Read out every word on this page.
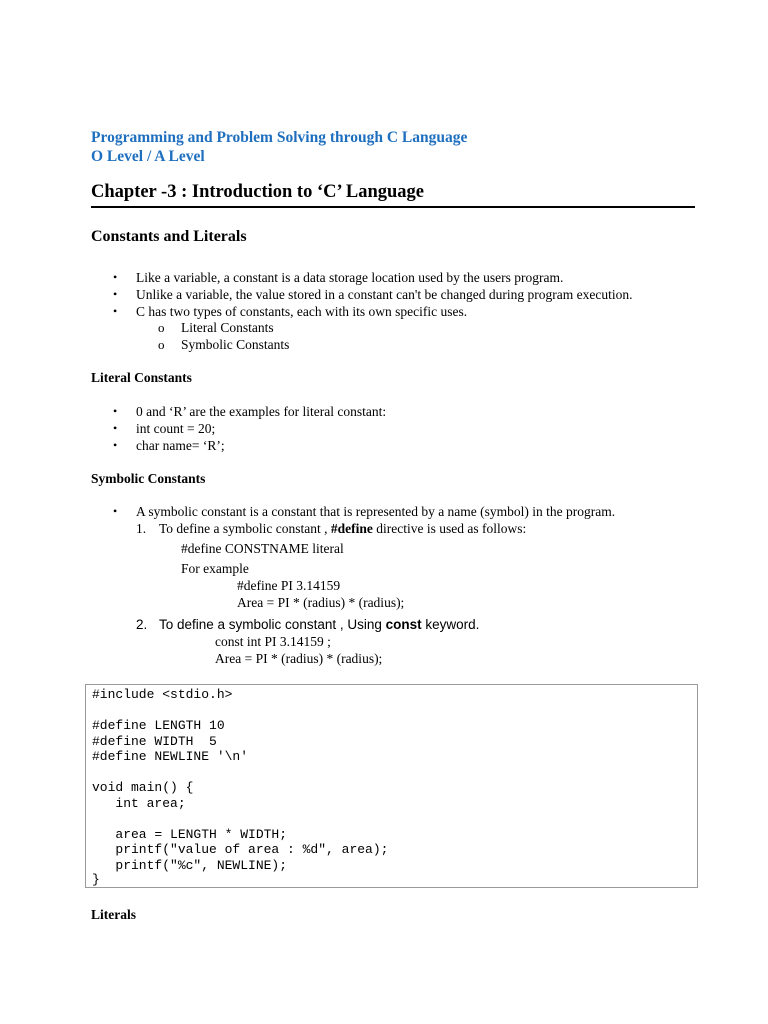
Programming and Problem Solving through C Language
O Level / A Level
Chapter -3 : Introduction to ‘C’ Language
Constants and Literals
• Like a variable, a constant is a data storage location used by the users program.
• Unlike a variable, the value stored in a constant can't be changed during program execution.
• C has two types of constants, each with its own specific uses.
o Literal Constants
o Symbolic Constants
Literal Constants
• 0 and ‘R’ are the examples for literal constant:
• int count = 20;
• char name= ‘R’;
Symbolic Constants
• A symbolic constant is a constant that is represented by a name (symbol) in the program.
1. To define a symbolic constant , #define directive is used as follows:
#define CONSTNAME literal
For example
#define PI 3.14159
Area = PI * (radius) * (radius);
2. To define a symbolic constant , Using const keyword.
const int PI 3.14159 ;
Area = PI * (radius) * (radius);
#include <stdio.h>
#define LENGTH 10
#define WIDTH  5
#define NEWLINE '\n'
void main() {
int area;
area = LENGTH * WIDTH;
printf("value of area : %d", area);
printf("%c", NEWLINE);
}
Literals
